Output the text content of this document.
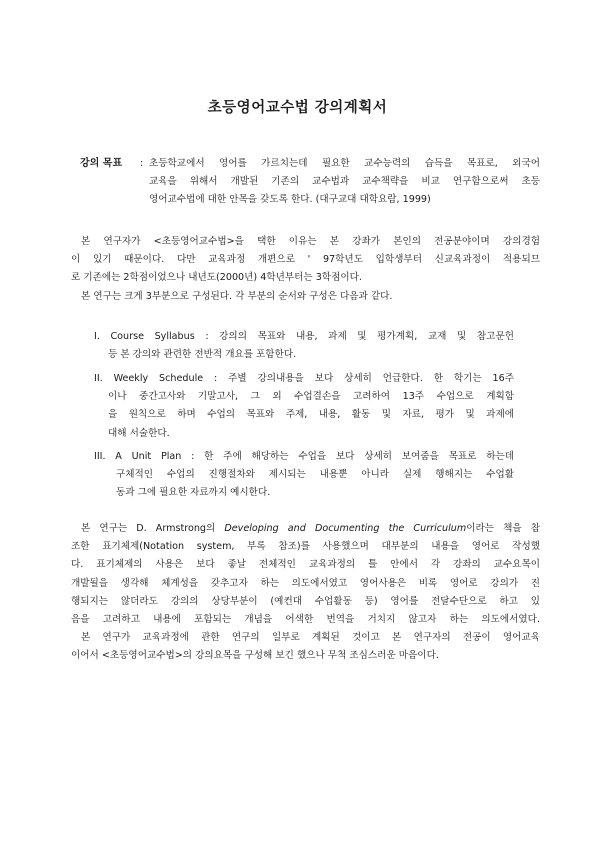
초등영어교수법 강의계획서
강의 목표 : 초등학교에서 영어를 가르치는데 필요한 교수능력의 습득을 목표로, 외국어
교육을 위해서 개발된 기존의 교수법과 교수책략을 비교 연구함으로써 초등
영어교수법에 대한 안목을 갖도록 한다. (대구교대 대학요람, 1999)
본 연구자가 <초등영어교수법>을 택한 이유는 본 강좌가 본인의 전공분야이며 강의경험
이 있기 때문이다. 다만 교육과정 개편으로 ' 97학년도 입학생부터 신교육과정이 적용되므
로 기존에는 2학점이었으나 내년도(2000년) 4학년부터는 3학점이다.
본 연구는 크게 3부분으로 구성된다. 각 부분의 순서와 구성은 다음과 같다.
I. Course Syllabus : 강의의 목표와 내용, 과제 및 평가계획, 교재 및 참고문헌
등 본 강의와 관련한 전반적 개요를 포함한다.
II. Weekly Schedule : 주별 강의내용을 보다 상세히 언급한다. 한 학기는 16주
이나 중간고사와 기말고사, 그 외 수업결손을 고려하여 13주 수업으로 계획함
을 원칙으로 하며 수업의 목표와 주제, 내용, 활동 및 자료, 평가 및 과제에
대해 서술한다.
III. A Unit Plan : 한 주에 해당하는 수업을 보다 상세히 보여줌을 목표로 하는데
구체적인 수업의 진행절차와 제시되는 내용뿐 아니라 실제 행해지는 수업활
동과 그에 필요한 자료까지 예시한다.
본 연구는 D. Armstrong의 Developing and Documenting the Curriculum이라는 책을 참
조한 표기체제(Notation system, 부록 참조)를 사용했으며 대부분의 내용을 영어로 작성했
다. 표기체제의 사용은 보다 좋날 전체적인 교육과정의 틀 안에서 각 강좌의 교수요목이
개발될을 생각해 체계성을 갖추고자 하는 의도에서였고 영어사용은 비록 영어로 강의가 진
행되지는 않더라도 강의의 상당부분이 (예컨대 수업활동 등) 영어를 전달수단으로 하고 있
음을 고려하고 내용에 포함되는 개념을 어색한 번역을 거치지 않고자 하는 의도에서였다.
본 연구가 교육과정에 관한 연구의 일부로 계획된 것이고 본 연구자의 전공이 영어교육
이어서 <초등영어교수법>의 강의요목을 구성해 보긴 했으나 무척 조심스러운 마음이다.
